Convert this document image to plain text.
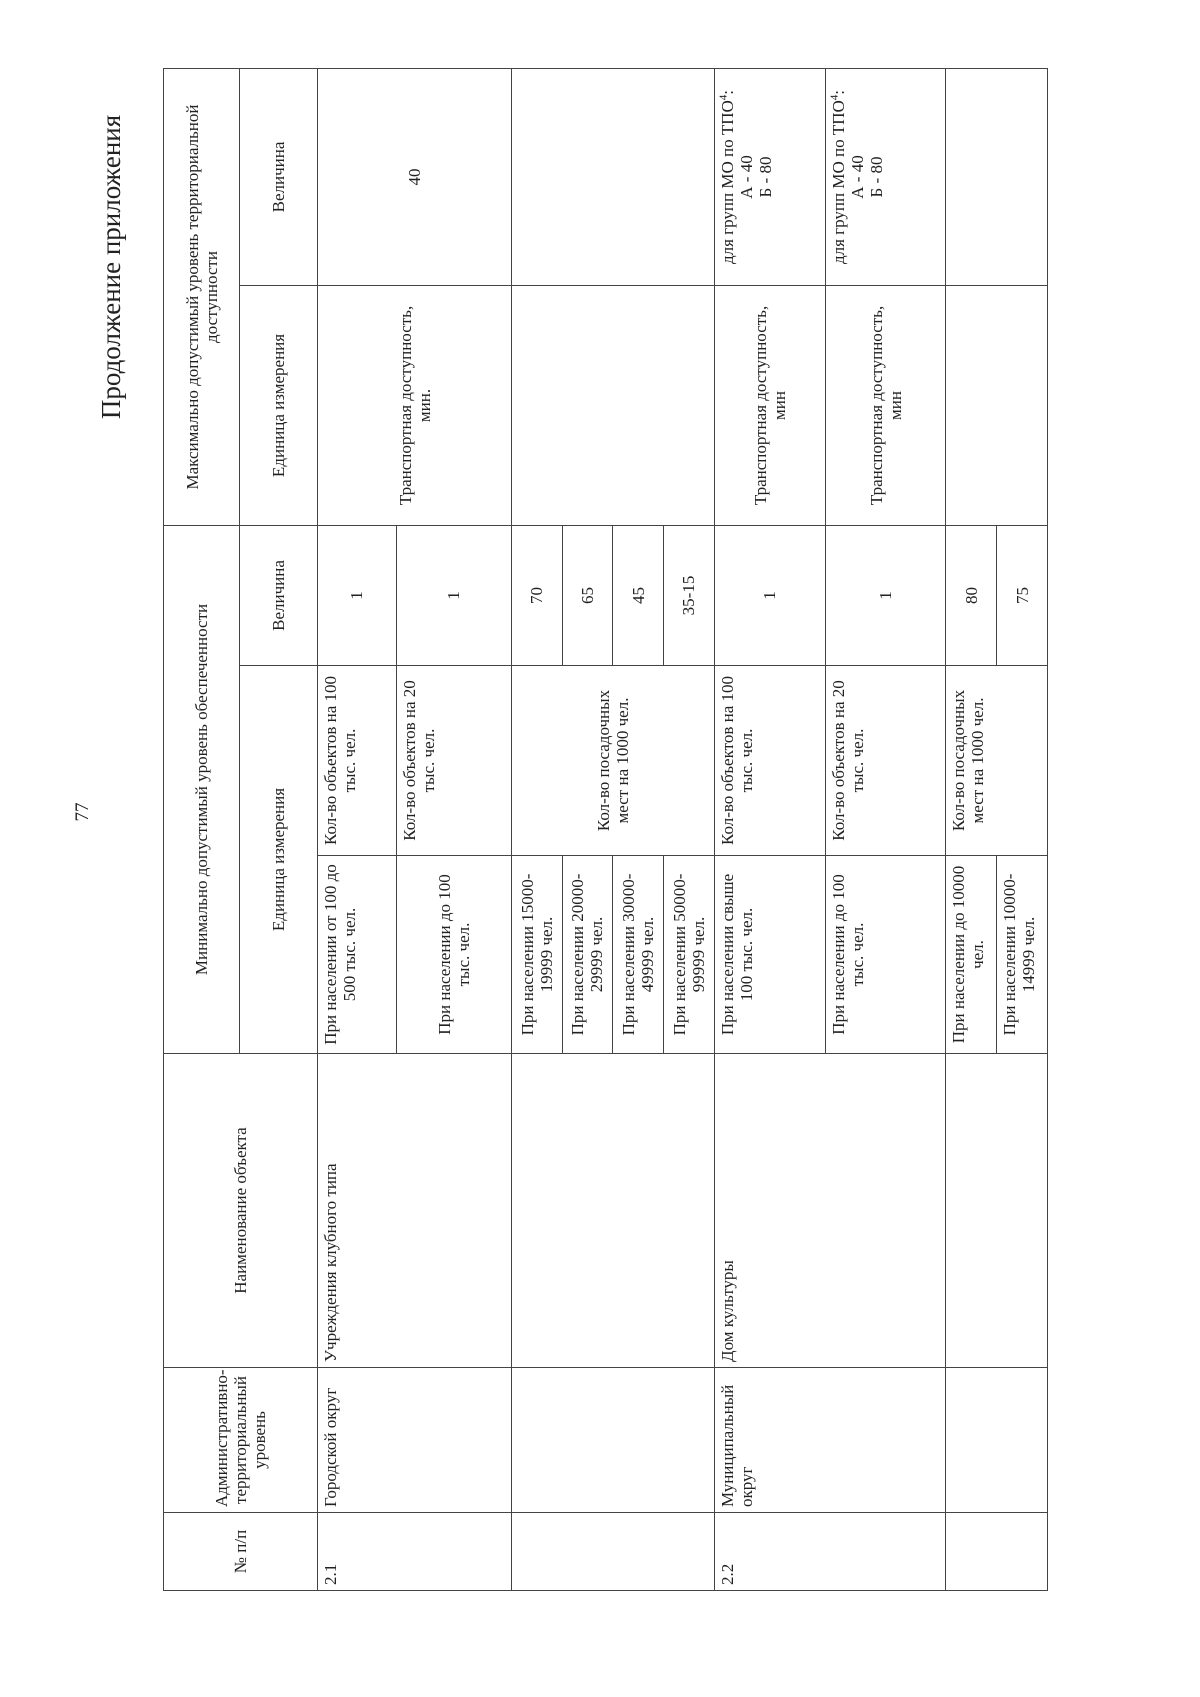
77
Продолжение приложения
№ п/п	Административно-территориальный уровень	Наименование объекта	Минимально допустимый уровень обеспеченности			Максимально допустимый уровень территориальной доступности	
			Единица измерения		Величина	Единица измерения	Величина
2.1	Городской округ	Учреждения клубного типа	При населении от 100 до 500 тыс. чел.	Кол-во объектов на 100 тыс. чел.	1	Транспортная доступность, мин.	40
			При населении до 100 тыс. чел.	Кол-во объектов на 20 тыс. чел.	1		
			При населении 15000-19999 чел.	Кол-во посадочных мест на 1000 чел.	70		
			При населении 20000-29999 чел.		65		
			При населении 30000-49999 чел.		45		
			При населении 50000-99999 чел.		35-15		
2.2	Муниципальный округ	Дом культуры	При населении свыше 100 тыс. чел.	Кол-во объектов на 100 тыс. чел.	1	Транспортная доступность, мин	для групп МО по ТПО$^4$:
А - 40
Б - 80
			При населении до 100 тыс. чел.	Кол-во объектов на 20 тыс. чел.	1	Транспортная доступность, мин	для групп МО по ТПО$^4$:
А - 40
Б - 80
			При населении до 10000 чел.	Кол-во посадочных мест на 1000 чел.	80		
			При населении 10000-14999 чел.		75		
